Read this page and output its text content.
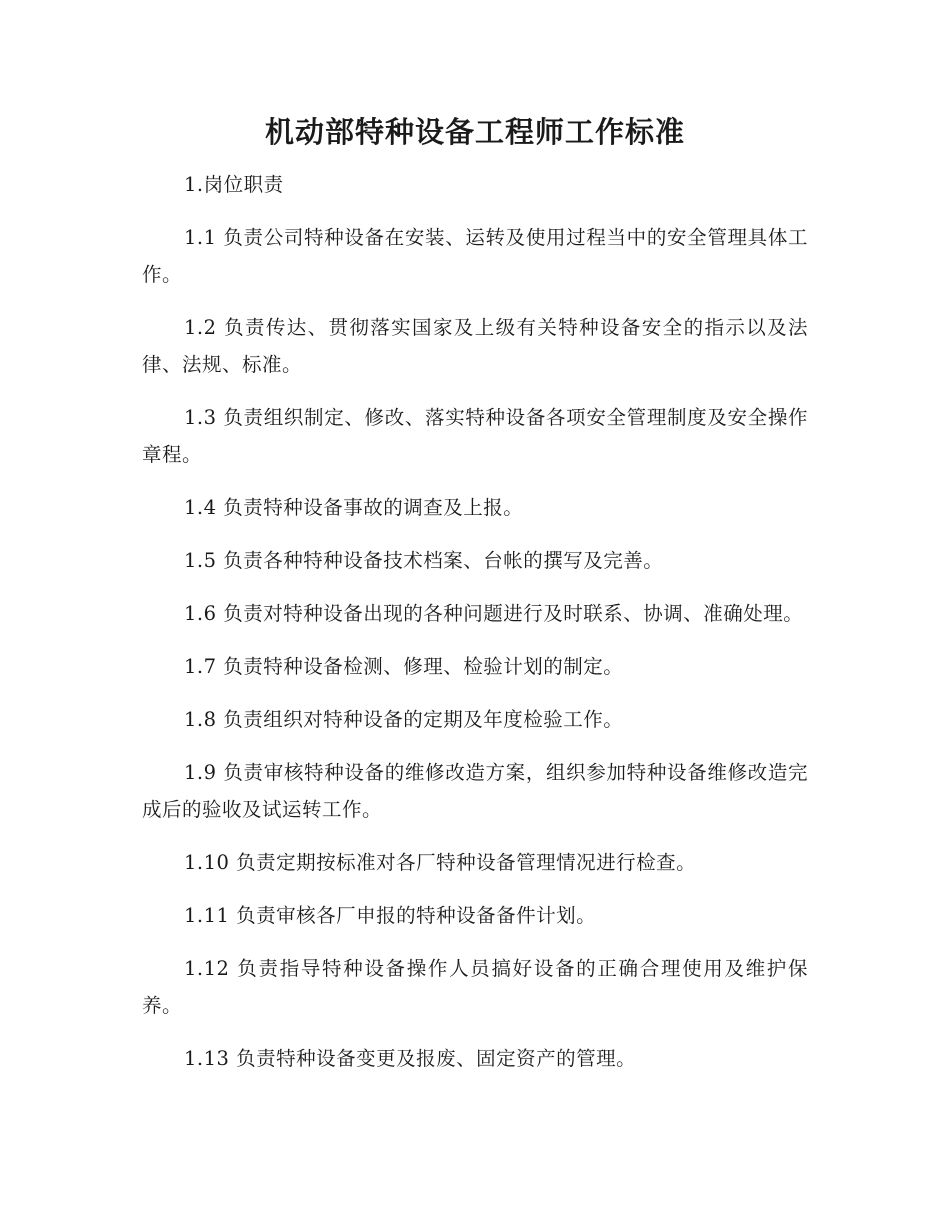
机动部特种设备工程师工作标准

1.岗位职责

1.1 负责公司特种设备在安装、运转及使用过程当中的安全管理具体工作。

1.2 负责传达、贯彻落实国家及上级有关特种设备安全的指示以及法律、法规、标准。

1.3 负责组织制定、修改、落实特种设备各项安全管理制度及安全操作章程。

1.4 负责特种设备事故的调查及上报。

1.5 负责各种特种设备技术档案、台帐的撰写及完善。

1.6 负责对特种设备出现的各种问题进行及时联系、协调、准确处理。

1.7 负责特种设备检测、修理、检验计划的制定。

1.8 负责组织对特种设备的定期及年度检验工作。

1.9 负责审核特种设备的维修改造方案，组织参加特种设备维修改造完成后的验收及试运转工作。

1.10 负责定期按标准对各厂特种设备管理情况进行检查。

1.11 负责审核各厂申报的特种设备备件计划。

1.12 负责指导特种设备操作人员搞好设备的正确合理使用及维护保养。

1.13 负责特种设备变更及报废、固定资产的管理。
